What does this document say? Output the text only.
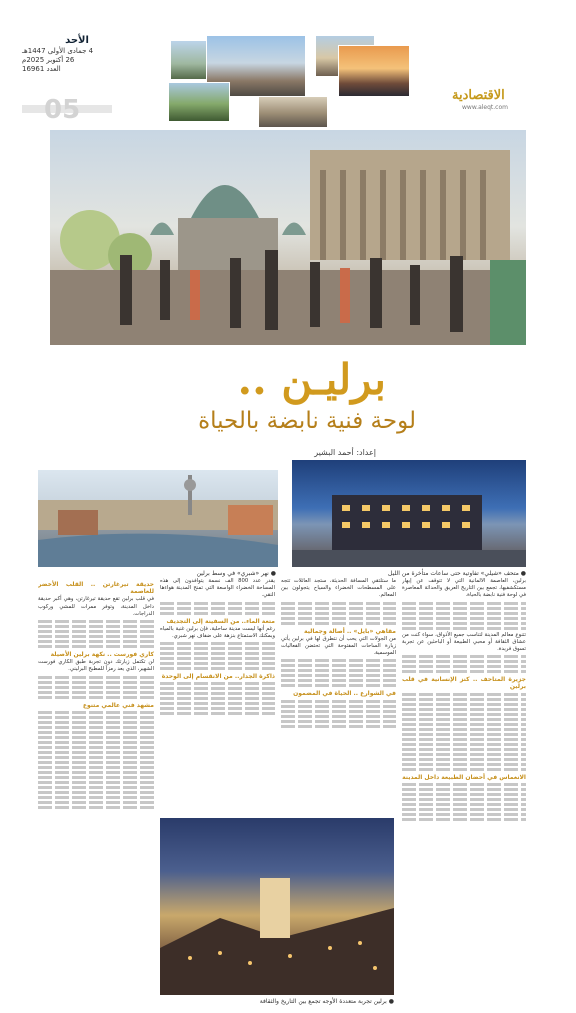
الأحد
4 جمادى الأولى 1447هـ
26 أكتوبر 2025م
العدد 16961
05	الاقتصادية
www.aleqt.com
برليـن ..
لوحة فنية نابضة بالحياة
إعداد: أحمد البشير
● متحف «شيلي» تفاوتية حتى ساعات متأخرة من الليل
● نهر «شبري» في وسط برلين
● برلين تجربة متعددة الأوجه تجمع بين التاريخ والثقافة

برلين، العاصمة الألمانية التي لا تتوقف عن إبهار مستكشفيها، تجمع بين التاريخ العريق والحداثة المعاصرة في لوحة فنية نابضة بالحياة.

تتنوع معالم المدينة لتناسب جميع الأذواق، سواء كنت من عشاق الثقافة أو محبي الطبيعة أو الباحثين عن تجربة تسوق فريدة.

جزيرة المتاحف .. كنز الإنسانية في قلب برلين
الانغماس في أحضان الطبيعة داخل المدينة

ما ستلتقي المسافة الحديثة، ستجد العائلات تتجه على المسطحات الخضراء والسياح يتجولون بين المعالم.

مقاهي «بايل» .. أصالة وجمالية

من الجولات التي يحب أن نتطرق لها في برلين يأتي زيارة الساحات المفتوحة التي تحتضن الفعاليات الموسمية.

في الشوارع .. الحياة في المضمون

يقدر عدد 800 ألف نسمة يتوافدون إلى هذه المساحة الخضراء الواسعة التي تمنح المدينة هواءها النقي.

متعة الماء.. من السفينة إلى التجديف

رغم أنها ليست مدينة ساحلية، فإن برلين غنية بالمياه ويمكنك الاستمتاع بنزهة على ضفاف نهر شبري.

ذاكرة الجدار.. من الانقسام إلى الوحدة
حديقة تيرغارتن .. القلب الأخضر للعاصمة

في قلب برلين تقع حديقة تيرغارتن، وهي أكبر حديقة داخل المدينة، وتوفر ممرات للمشي وركوب الدراجات.

كاري فورست .. نكهة برلين الأصيلة

لن تكتمل زيارتك دون تجربة طبق الكاري فورست الشهير، الذي يعد رمزاً للمطبخ البرليني.

مشهد فني عالمي متنوع
